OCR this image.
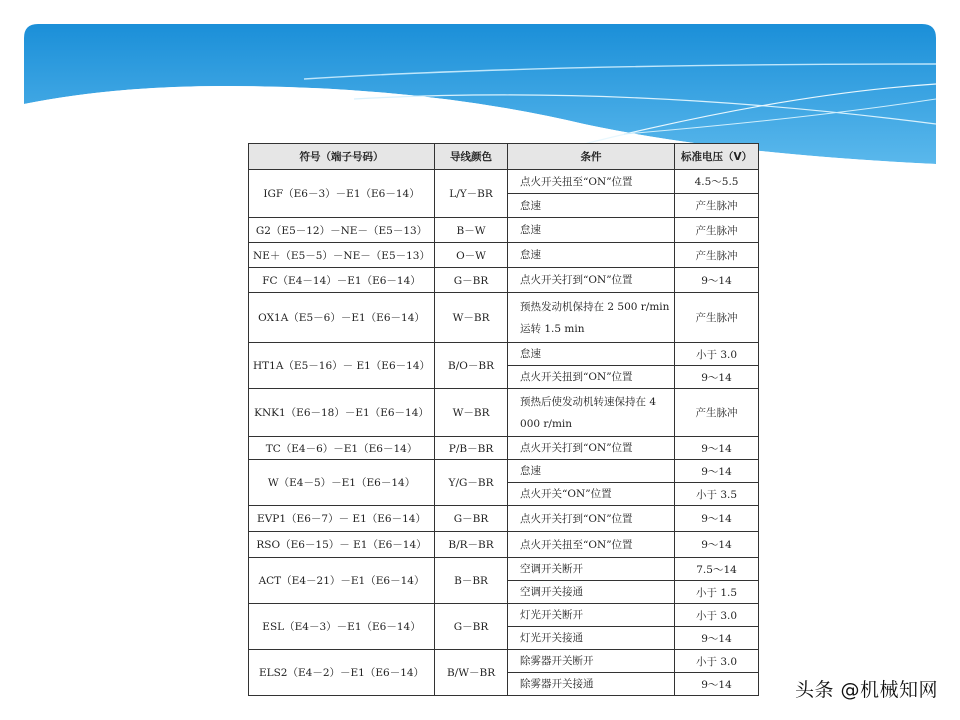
符号（端子号码）	导线颜色	条件	标准电压（V）
IGF（E6－3）－E1（E6－14）	L/Y－BR	点火开关扭至“ON”位置	4.5～5.5
		怠速	产生脉冲
G2（E5－12）－NE－（E5－13）	B－W	怠速	产生脉冲
NE＋（E5－5）－NE－（E5－13）	O－W	怠速	产生脉冲
FC（E4－14）－E1（E6－14）	G－BR	点火开关打到“ON”位置	9～14
OX1A（E5－6）－E1（E6－14）	W－BR	预热发动机保持在 2 500 r/min 运转 1.5 min	产生脉冲
HT1A（E5－16）－ E1（E6－14）	B/O－BR	怠速	小于 3.0
		点火开关扭到“ON”位置	9～14
KNK1（E6－18）－E1（E6－14）	W－BR	预热后使发动机转速保持在 4 000 r/min	产生脉冲
TC（E4－6）－E1（E6－14）	P/B－BR	点火开关打到“ON”位置	9～14
W（E4－5）－E1（E6－14）	Y/G－BR	怠速	9～14
		点火开关“ON”位置	小于 3.5
EVP1（E6－7）－ E1（E6－14）	G－BR	点火开关打到“ON”位置	9～14
RSO（E6－15）－ E1（E6－14）	B/R－BR	点火开关扭至“ON”位置	9～14
ACT（E4－21）－E1（E6－14）	B－BR	空调开关断开	7.5～14
		空调开关接通	小于 1.5
ESL（E4－3）－E1（E6－14）	G－BR	灯光开关断开	小于 3.0
		灯光开关接通	9～14
ELS2（E4－2）－E1（E6－14）	B/W－BR	除雾器开关断开	小于 3.0
		除雾器开关接通	9～14	头条 @机械知网
